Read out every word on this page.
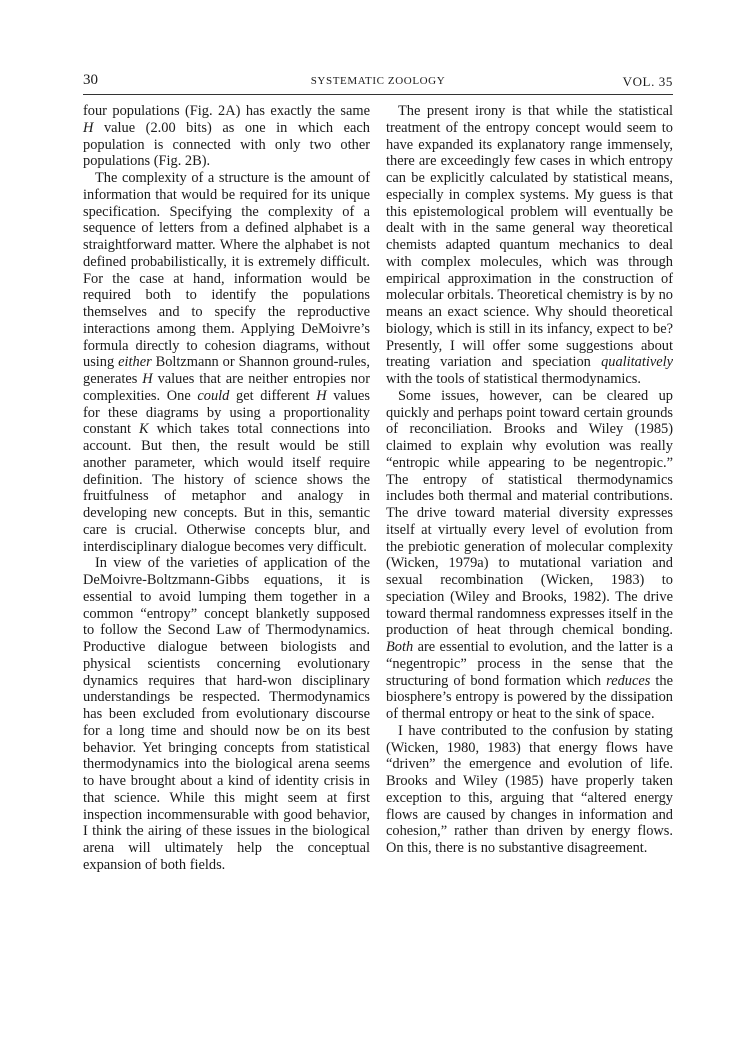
30	SYSTEMATIC ZOOLOGY	VOL. 35

four populations (Fig. 2A) has exactly the same H value (2.00 bits) as one in which each population is connected with only two other populations (Fig. 2B).

The complexity of a structure is the amount of information that would be required for its unique specification. Specifying the complexity of a sequence of letters from a defined alphabet is a straightforward matter. Where the alphabet is not defined probabilistically, it is extremely difficult. For the case at hand, information would be required both to identify the populations themselves and to specify the reproductive interactions among them. Applying DeMoivre’s formula directly to cohesion diagrams, without using either Boltzmann or Shannon ground-rules, generates H values that are neither entropies nor complexities. One could get different H values for these diagrams by using a proportionality constant K which takes total connections into account. But then, the result would be still another parameter, which would itself require definition. The history of science shows the fruitfulness of metaphor and analogy in developing new concepts. But in this, semantic care is crucial. Otherwise concepts blur, and interdisciplinary dialogue becomes very difficult.

In view of the varieties of application of the DeMoivre-Boltzmann-Gibbs equations, it is essential to avoid lumping them together in a common “entropy” concept blanketly supposed to follow the Second Law of Thermodynamics. Productive dialogue between biologists and physical scientists concerning evolutionary dynamics requires that hard-won disciplinary understandings be respected. Thermodynamics has been excluded from evolutionary discourse for a long time and should now be on its best behavior. Yet bringing concepts from statistical thermodynamics into the biological arena seems to have brought about a kind of identity crisis in that science. While this might seem at first inspection incommensurable with good behavior, I think the airing of these issues in the biological arena will ultimately help the conceptual expansion of both fields.

The present irony is that while the statistical treatment of the entropy concept would seem to have expanded its explanatory range immensely, there are exceedingly few cases in which entropy can be explicitly calculated by statistical means, especially in complex systems. My guess is that this epistemological problem will eventually be dealt with in the same general way theoretical chemists adapted quantum mechanics to deal with complex molecules, which was through empirical approximation in the construction of molecular orbitals. Theoretical chemistry is by no means an exact science. Why should theoretical biology, which is still in its infancy, expect to be? Presently, I will offer some suggestions about treating variation and speciation qualitatively with the tools of statistical thermodynamics.

Some issues, however, can be cleared up quickly and perhaps point toward certain grounds of reconciliation. Brooks and Wiley (1985) claimed to explain why evolution was really “entropic while appearing to be negentropic.” The entropy of statistical thermodynamics includes both thermal and material contributions. The drive toward material diversity expresses itself at virtually every level of evolution from the prebiotic generation of molecular complexity (Wicken, 1979a) to mutational variation and sexual recombination (Wicken, 1983) to speciation (Wiley and Brooks, 1982). The drive toward thermal randomness expresses itself in the production of heat through chemical bonding. Both are essential to evolution, and the latter is a “negentropic” process in the sense that the structuring of bond formation which reduces the biosphere’s entropy is powered by the dissipation of thermal entropy or heat to the sink of space.

I have contributed to the confusion by stating (Wicken, 1980, 1983) that energy flows have “driven” the emergence and evolution of life. Brooks and Wiley (1985) have properly taken exception to this, arguing that “altered energy flows are caused by changes in information and cohesion,” rather than driven by energy flows. On this, there is no substantive disagreement.
